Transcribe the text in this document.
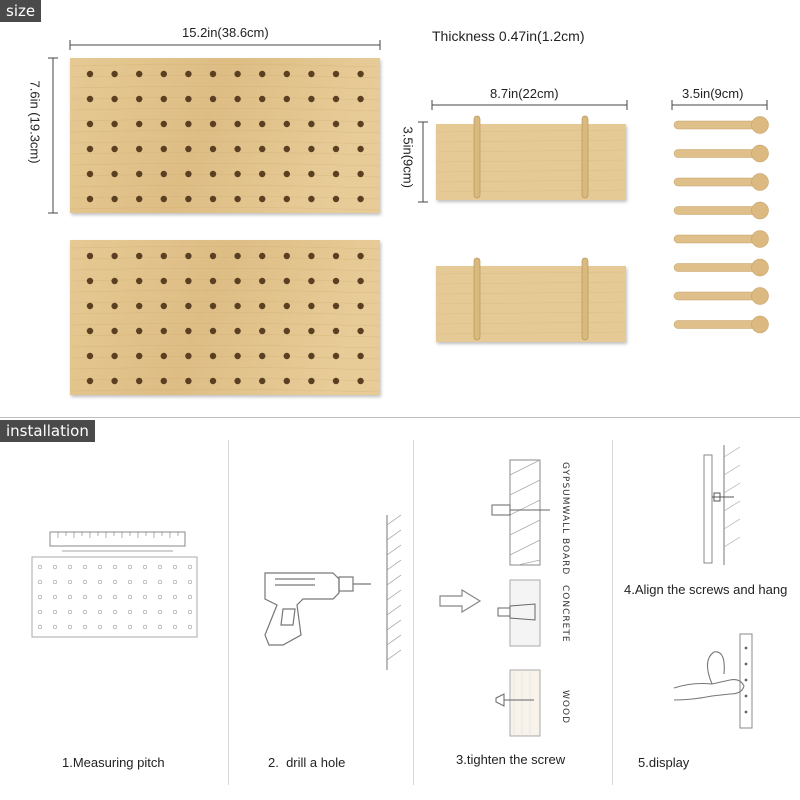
size
15.2in(38.6cm)
7.6in (19.3cm)
Thickness 0.47in(1.2cm)
8.7in(22cm)
3.5in(9cm)
3.5in(9cm)
installation
1.Measuring pitch	2.  drill a hole
GYPSUMWALL BOARD
CONCRETE
WOOD
3.tighten the screw
4.Align the screws and hang
5.display
